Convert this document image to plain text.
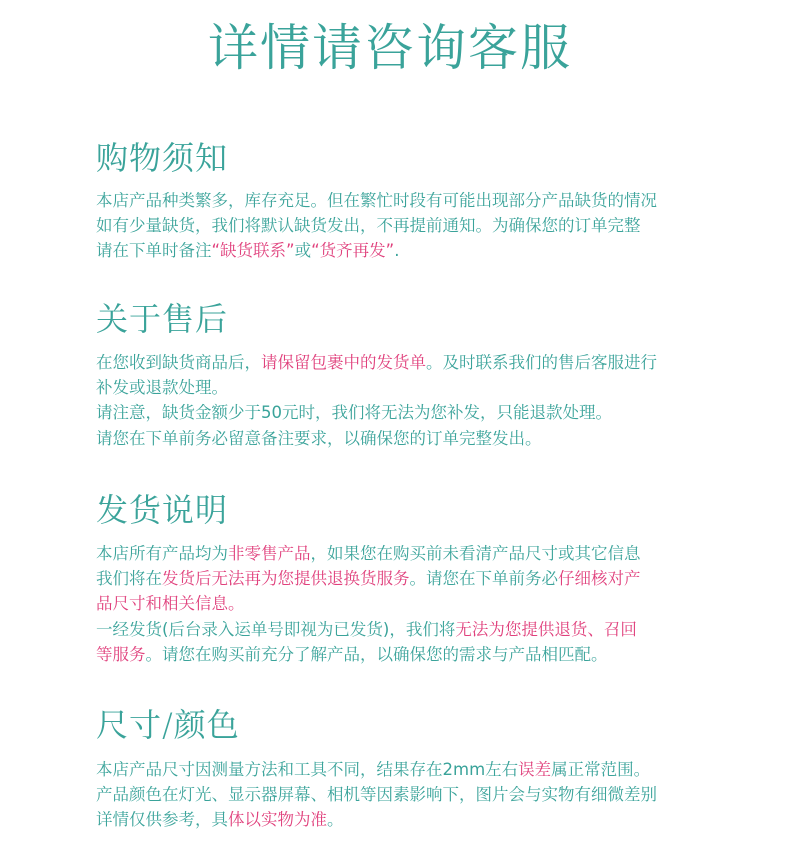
详情请咨询客服
购物须知
本店产品种类繁多，库存充足。但在繁忙时段有可能出现部分产品缺货的情况
如有少量缺货，我们将默认缺货发出，不再提前通知。为确保您的订单完整
请在下单时备注“缺货联系”或“货齐再发”.
关于售后
在您收到缺货商品后，请保留包裹中的发货单。及时联系我们的售后客服进行
补发或退款处理。
请注意，缺货金额少于50元时，我们将无法为您补发，只能退款处理。
请您在下单前务必留意备注要求，以确保您的订单完整发出。
发货说明
本店所有产品均为非零售产品，如果您在购买前未看清产品尺寸或其它信息
我们将在发货后无法再为您提供退换货服务。请您在下单前务必仔细核对产
品尺寸和相关信息。
一经发货(后台录入运单号即视为已发货)，我们将无法为您提供退货、召回
等服务。请您在购买前充分了解产品，以确保您的需求与产品相匹配。
尺寸/颜色
本店产品尺寸因测量方法和工具不同，结果存在2mm左右误差属正常范围。
产品颜色在灯光、显示器屏幕、相机等因素影响下，图片会与实物有细微差别
详情仅供参考，具体以实物为准。
